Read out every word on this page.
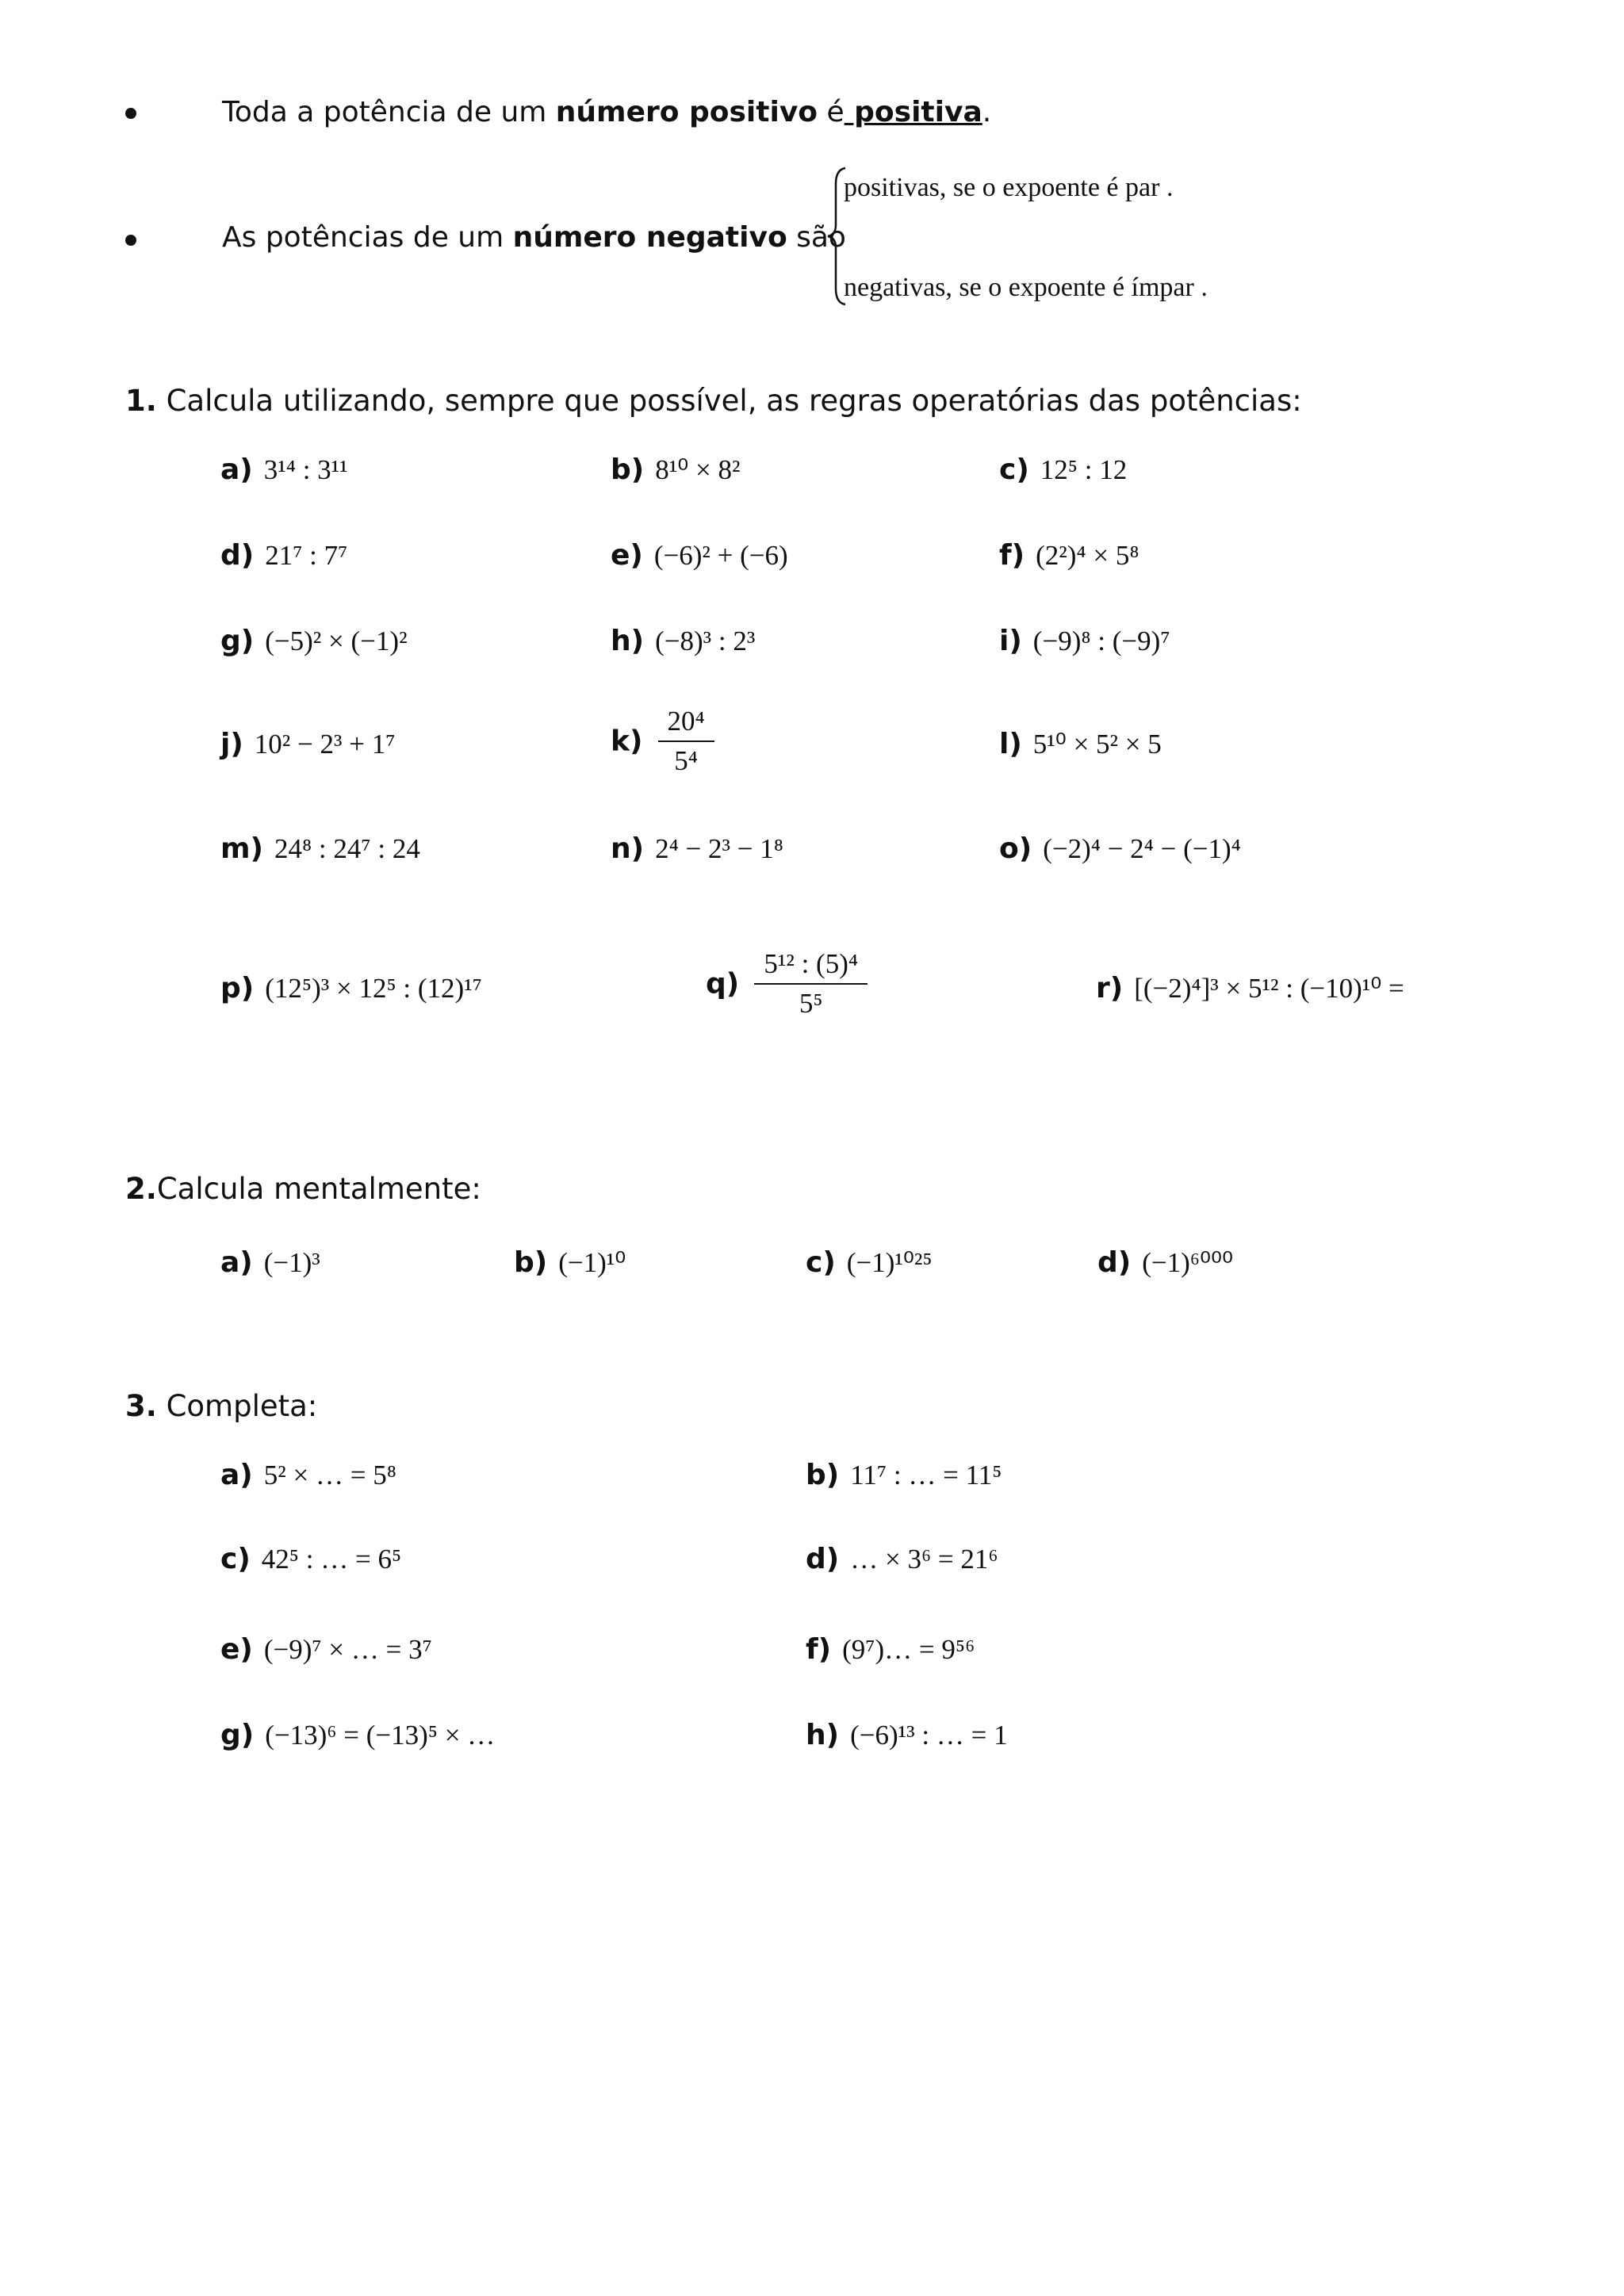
Toda a potência de um número positivo é positiva.
As potências de um número negativo são
positivas, se o expoente é par .
negativas, se o expoente é ímpar .
1. Calcula utilizando, sempre que possível, as regras operatórias das potências:
a) 3¹⁴ : 3¹¹	b) 8¹⁰ × 8²	c) 12⁵ : 12
d) 21⁷ : 7⁷	e) (−6)² + (−6)	f) (2²)⁴ × 5⁸
g) (−5)² × (−1)²	h) (−8)³ : 2³	i) (−9)⁸ : (−9)⁷
j) 10² − 2³ + 1⁷	$k) \frac{\text{20⁴}}{\text{5⁴}}$	l) 5¹⁰ × 5² × 5
m) 24⁸ : 24⁷ : 24	n) 2⁴ − 2³ − 1⁸	o) (−2)⁴ − 2⁴ − (−1)⁴
p) (12⁵)³ × 12⁵ : (12)¹⁷	$q) \frac{\text{5¹² : (5)⁴}}{\text{5⁵}}$	r) [(−2)⁴]³ × 5¹² : (−10)¹⁰ =
2.Calcula mentalmente:
a) (−1)³	b) (−1)¹⁰	c) (−1)¹⁰²⁵	d) (−1)⁶⁰⁰⁰
3. Completa:
a) 5² × … = 5⁸	b) 11⁷ : … = 11⁵
c) 42⁵ : … = 6⁵	d) … × 3⁶ = 21⁶
e) (−9)⁷ × … = 3⁷	f) (9⁷)… = 9⁵⁶
g) (−13)⁶ = (−13)⁵ × …	h) (−6)¹³ : … = 1
